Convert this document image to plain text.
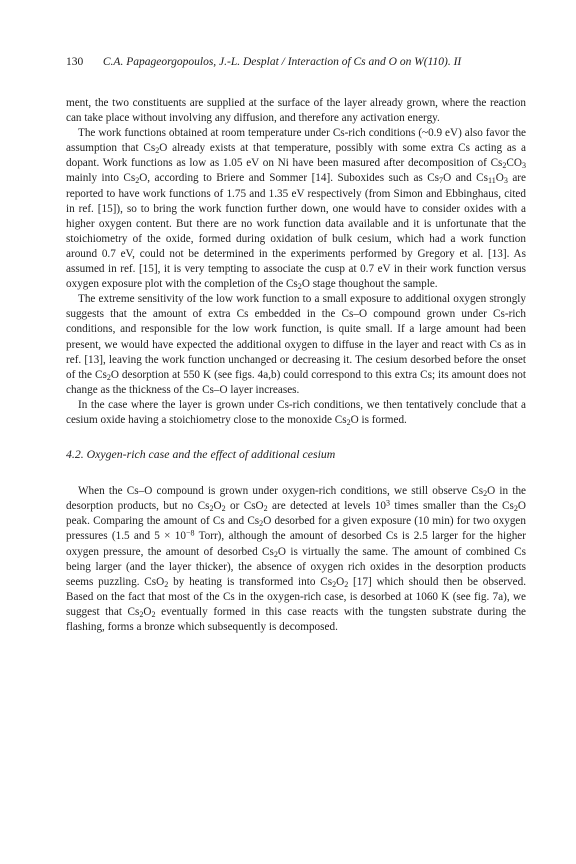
130 C.A. Papageorgopoulos, J.-L. Desplat / Interaction of Cs and O on W(110). II

ment, the two constituents are supplied at the surface of the layer already grown, where the reaction can take place without involving any diffusion, and therefore any activation energy.

The work functions obtained at room temperature under Cs-rich conditions (~0.9 eV) also favor the assumption that $Cs_2O$ already exists at that temperature, possibly with some extra Cs acting as a dopant. Work functions as low as 1.05 eV on Ni have been masured after decomposition of $Cs_2CO_3$ mainly into $Cs_2O$, according to Briere and Sommer [14]. Suboxides such as $Cs_7O$ and $Cs_{11}O_3$ are reported to have work functions of 1.75 and 1.35 eV respectively (from Simon and Ebbinghaus, cited in ref. [15]), so to bring the work function further down, one would have to consider oxides with a higher oxygen content. But there are no work function data available and it is unfortunate that the stoichiometry of the oxide, formed during oxidation of bulk cesium, which had a work function around 0.7 eV, could not be determined in the experiments performed by Gregory et al. [13]. As assumed in ref. [15], it is very tempting to associate the cusp at 0.7 eV in their work function versus oxygen exposure plot with the completion of the $Cs_2O$ stage thoughout the sample.

The extreme sensitivity of the low work function to a small exposure to additional oxygen strongly suggests that the amount of extra Cs embedded in the Cs–O compound grown under Cs-rich conditions, and responsible for the low work function, is quite small. If a large amount had been present, we would have expected the additional oxygen to diffuse in the layer and react with Cs as in ref. [13], leaving the work function unchanged or decreasing it. The cesium desorbed before the onset of the $Cs_2O$ desorption at 550 K (see figs. 4a,b) could correspond to this extra Cs; its amount does not change as the thickness of the Cs–O layer increases.

In the case where the layer is grown under Cs-rich conditions, we then tentatively conclude that a cesium oxide having a stoichiometry close to the monoxide $Cs_2O$ is formed.

4.2. Oxygen-rich case and the effect of additional cesium

When the Cs–O compound is grown under oxygen-rich conditions, we still observe $Cs_2O$ in the desorption products, but no $Cs_2O_2$ or CsO$_2$ are detected at levels $10^3$ times smaller than the $Cs_2O$ peak. Comparing the amount of Cs and $Cs_2O$ desorbed for a given exposure (10 min) for two oxygen pressures (1.5 and $5 \times 10^{-8}$ Torr), although the amount of desorbed Cs is 2.5 larger for the higher oxygen pressure, the amount of desorbed $Cs_2O$ is virtually the same. The amount of combined Cs being larger (and the layer thicker), the absence of oxygen rich oxides in the desorption products seems puzzling. CsO$_2$ by heating is transformed into $Cs_2O_2$ [17] which should then be observed. Based on the fact that most of the Cs in the oxygen-rich case, is desorbed at 1060 K (see fig. 7a), we suggest that $Cs_2O_2$ eventually formed in this case reacts with the tungsten substrate during the flashing, forms a bronze which subsequently is decomposed.
